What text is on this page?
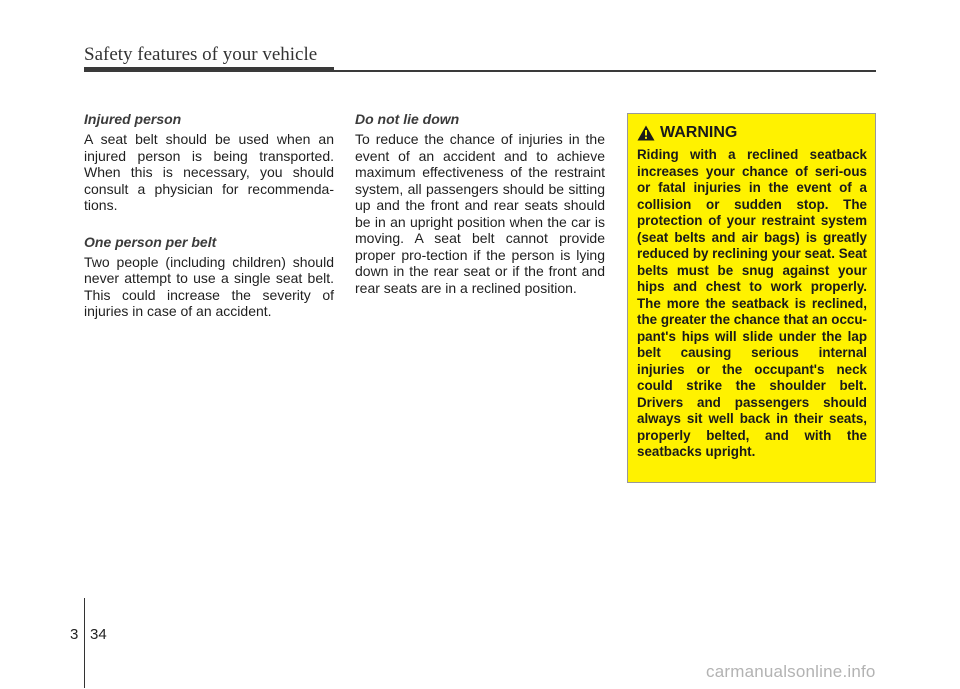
Safety features of your vehicle
Injured person

A seat belt should be used when an injured person is being transported. When this is necessary, you should consult a physician for recommenda-tions.

One person per belt

Two people (including children) should never attempt to use a single seat belt. This could increase the severity of injuries in case of an accident.

Do not lie down

To reduce the chance of injuries in the event of an accident and to achieve maximum effectiveness of the restraint system, all passengers should be sitting up and the front and rear seats should be in an upright position when the car is moving. A seat belt cannot provide proper pro-tection if the person is lying down in the rear seat or if the front and rear seats are in a reclined position.

WARNING

Riding with a reclined seatback increases your chance of seri-ous or fatal injuries in the event of a collision or sudden stop. The protection of your restraint system (seat belts and air bags) is greatly reduced by reclining your seat. Seat belts must be snug against your hips and chest to work properly. The more the seatback is reclined, the greater the chance that an occu-pant's hips will slide under the lap belt causing serious internal injuries or the occupant's neck could strike the shoulder belt. Drivers and passengers should always sit well back in their seats, properly belted, and with the seatbacks upright.

3 34
carmanualsonline.info
